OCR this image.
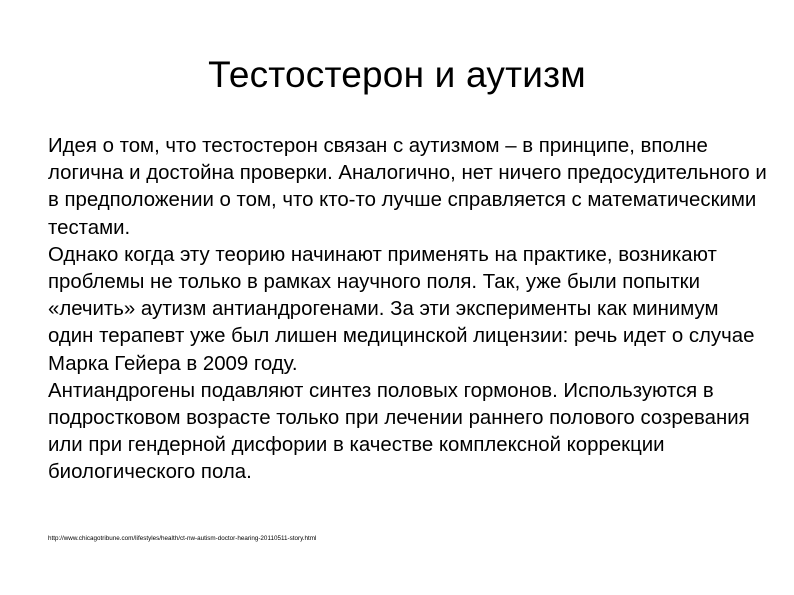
Тестостерон и аутизм

Идея о том, что тестостерон связан с аутизмом – в принципе, вполне логична и достойна проверки. Аналогично, нет ничего предосудительного и в предположении о том, что кто-то лучше справляется с математическими тестами.

Однако когда эту теорию начинают применять на практике, возникают проблемы не только в рамках научного поля. Так, уже были попытки «лечить» аутизм антиандрогенами. За эти эксперименты как минимум один терапевт уже был лишен медицинской лицензии: речь идет о случае Марка Гейера в 2009 году.

Антиандрогены подавляют синтез половых гормонов. Используются в подростковом возрасте только при лечении раннего полового созревания или при гендерной дисфории в качестве комплексной коррекции биологического пола.

http://www.chicagotribune.com/lifestyles/health/ct-nw-autism-doctor-hearing-20110511-story.html
